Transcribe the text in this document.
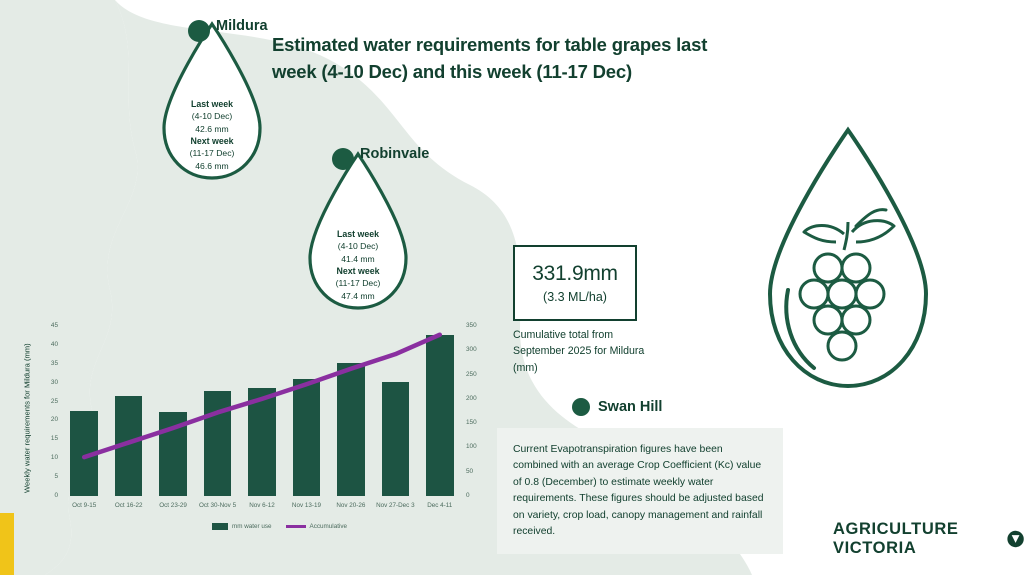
Estimated water requirements for table grapes last week (4-10 Dec) and this week (11-17 Dec)
Last week
(4-10 Dec)
42.6 mm
Next week
(11-17 Dec)
46.6 mm
Mildura
Last week
(4-10 Dec)
41.4 mm
Next week
(11-17 Dec)
47.4 mm
Robinvale
331.9mm
(3.3 ML/ha)
Cumulative total from September 2025 for Mildura (mm)
Swan Hill

Current Evapotranspiration figures have been combined with an average Crop Coefficient (Kc) value of 0.8 (December) to estimate weekly water requirements. These figures should be adjusted based on variety, crop load, canopy management and rainfall received.

Weekly water requirements for Mildura (mm)
0
5
10
15
20
25
30
35
40
45
0
50
100
150
200
250
300
350
Oct 9-15	Oct 16-22	Oct 23-29	Oct 30-Nov 5	Nov 6-12	Nov 13-19	Nov 20-26	Nov 27-Dec 3	Dec 4-11
mm water use	Accumulative	AGRICULTURE VICTORIA
